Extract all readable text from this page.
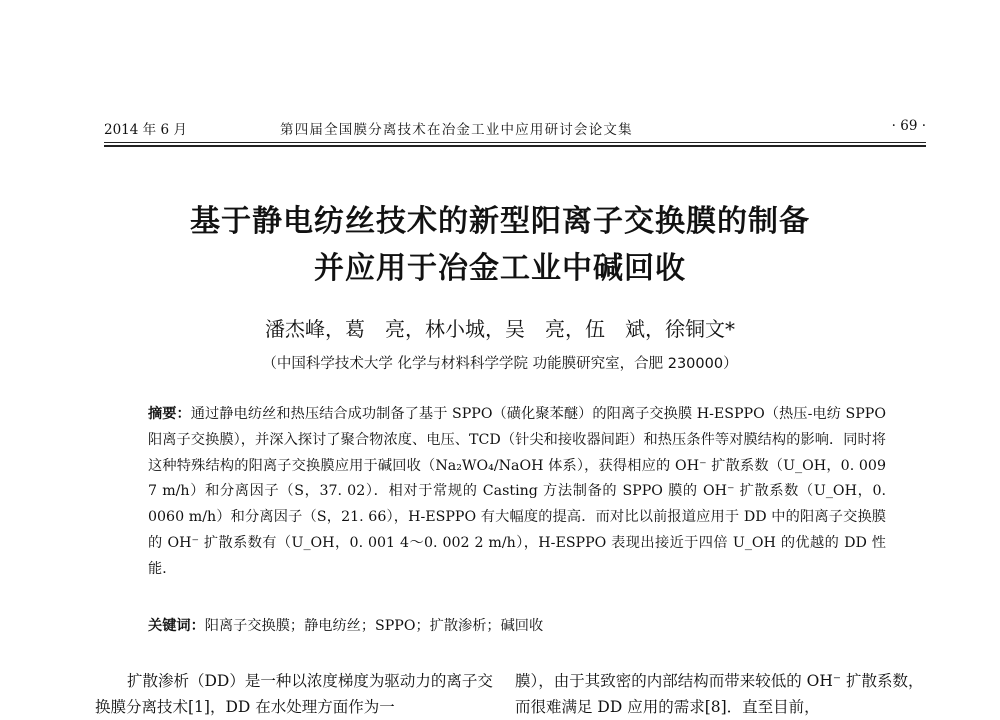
2014 年 6 月	第四届全国膜分离技术在冶金工业中应用研讨会论文集	· 69 ·
基于静电纺丝技术的新型阳离子交换膜的制备
并应用于冶金工业中碱回收
潘杰峰，葛　亮，林小城，吴　亮，伍　斌，徐铜文*
（中国科学技术大学 化学与材料科学学院 功能膜研究室，合肥 230000）
摘要：通过静电纺丝和热压结合成功制备了基于 SPPO（磺化聚苯醚）的阳离子交换膜 H-ESPPO（热压-电纺 SPPO 阳离子交换膜），并深入探讨了聚合物浓度、电压、TCD（针尖和接收器间距）和热压条件等对膜结构的影响．同时将这种特殊结构的阳离子交换膜应用于碱回收（Na₂WO₄/NaOH 体系），获得相应的 OH⁻ 扩散系数（U_OH，0. 009 7 m/h）和分离因子（S，37. 02）．相对于常规的 Casting 方法制备的 SPPO 膜的 OH⁻ 扩散系数（U_OH，0. 0060 m/h）和分离因子（S，21. 66），H-ESPPO 有大幅度的提高．而对比以前报道应用于 DD 中的阳离子交换膜的 OH⁻ 扩散系数有（U_OH，0. 001 4～0. 002 2 m/h），H-ESPPO 表现出接近于四倍 U_OH 的优越的 DD 性能．
关键词：阳离子交换膜；静电纺丝；SPPO；扩散渗析；碱回收

扩散渗析（DD）是一种以浓度梯度为驱动力的离子交换膜分离技术[1]，DD 在水处理方面作为一

膜），由于其致密的内部结构而带来较低的 OH⁻ 扩散系数，而很难满足 DD 应用的需求[8]．直至目前，
